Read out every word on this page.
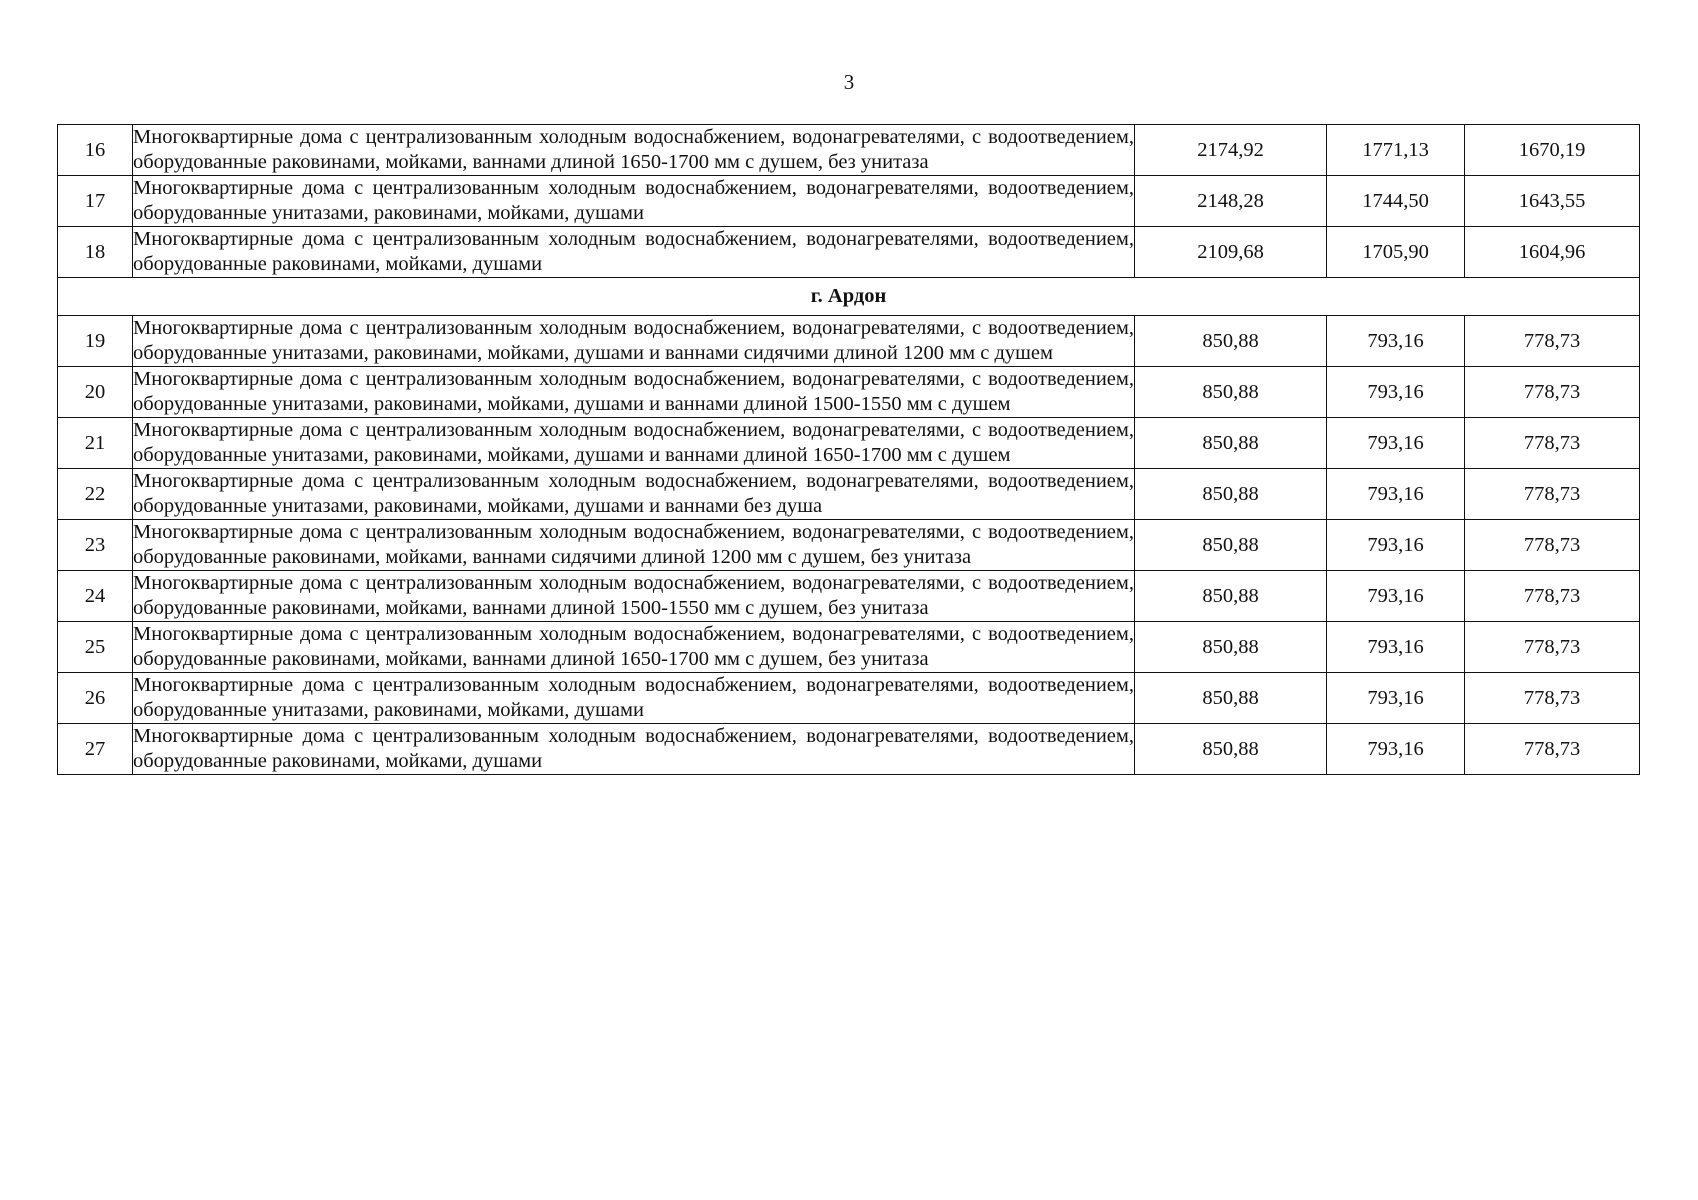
3
16	Многоквартирные дома с централизованным холодным водоснабжением, водонагревателями, с водоотведением, оборудованные раковинами, мойками, ваннами длиной 1650-1700 мм с душем, без унитаза	2174,92	1771,13	1670,19
17	Многоквартирные дома с централизованным холодным водоснабжением, водонагревателями, водоотведением, оборудованные унитазами, раковинами, мойками, душами	2148,28	1744,50	1643,55
18	Многоквартирные дома с централизованным холодным водоснабжением, водонагревателями, водоотведением, оборудованные раковинами, мойками, душами	2109,68	1705,90	1604,96
г. Ардон				
19	Многоквартирные дома с централизованным холодным водоснабжением, водонагревателями, с водоотведением, оборудованные унитазами, раковинами, мойками, душами и ваннами сидячими длиной 1200 мм с душем	850,88	793,16	778,73
20	Многоквартирные дома с централизованным холодным водоснабжением, водонагревателями, с водоотведением, оборудованные унитазами, раковинами, мойками, душами и ваннами длиной 1500-1550 мм с душем	850,88	793,16	778,73
21	Многоквартирные дома с централизованным холодным водоснабжением, водонагревателями, с водоотведением, оборудованные унитазами, раковинами, мойками, душами и ваннами длиной 1650-1700 мм с душем	850,88	793,16	778,73
22	Многоквартирные дома с централизованным холодным водоснабжением, водонагревателями, водоотведением, оборудованные унитазами, раковинами, мойками, душами и ваннами без душа	850,88	793,16	778,73
23	Многоквартирные дома с централизованным холодным водоснабжением, водонагревателями, с водоотведением, оборудованные раковинами, мойками, ваннами сидячими длиной 1200 мм с душем, без унитаза	850,88	793,16	778,73
24	Многоквартирные дома с централизованным холодным водоснабжением, водонагревателями, с водоотведением, оборудованные раковинами, мойками, ваннами длиной 1500-1550 мм с душем, без унитаза	850,88	793,16	778,73
25	Многоквартирные дома с централизованным холодным водоснабжением, водонагревателями, с водоотведением, оборудованные раковинами, мойками, ваннами длиной 1650-1700 мм с душем, без унитаза	850,88	793,16	778,73
26	Многоквартирные дома с централизованным холодным водоснабжением, водонагревателями, водоотведением, оборудованные унитазами, раковинами, мойками, душами	850,88	793,16	778,73
27	Многоквартирные дома с централизованным холодным водоснабжением, водонагревателями, водоотведением, оборудованные раковинами, мойками, душами	850,88	793,16	778,73
